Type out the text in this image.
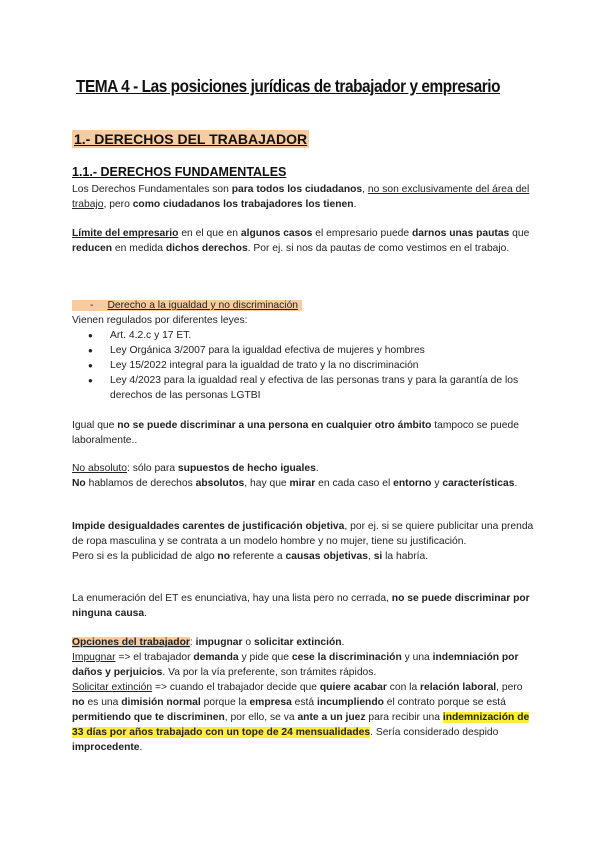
TEMA 4 - Las posiciones jurídicas de trabajador y empresario
1.- DERECHOS DEL TRABAJADOR
1.1.- DERECHOS FUNDAMENTALES
Los Derechos Fundamentales son para todos los ciudadanos, no son exclusivamente del área del trabajo, pero como ciudadanos los trabajadores los tienen.
Límite del empresario en el que en algunos casos el empresario puede darnos unas pautas que reducen en medida dichos derechos. Por ej. si nos da pautas de como vestimos en el trabajo.
- Derecho a la igualdad y no discriminación
Vienen regulados por diferentes leyes:
● Art. 4.2.c y 17 ET.
● Ley Orgánica 3/2007 para la igualdad efectiva de mujeres y hombres
● Ley 15/2022 integral para la igualdad de trato y la no discriminación
● Ley 4/2023 para la igualdad real y efectiva de las personas trans y para la garantía de los derechos de las personas LGTBI
Igual que no se puede discriminar a una persona en cualquier otro ámbito tampoco se puede laboralmente..
No absoluto: sólo para supuestos de hecho iguales.
No hablamos de derechos absolutos, hay que mirar en cada caso el entorno y características.
Impide desigualdades carentes de justificación objetiva, por ej. si se quiere publicitar una prenda de ropa masculina y se contrata a un modelo hombre y no mujer, tiene su justificación.
Pero si es la publicidad de algo no referente a causas objetivas, si la habría.
La enumeración del ET es enunciativa, hay una lista pero no cerrada, no se puede discriminar por ninguna causa.
Opciones del trabajador: impugnar o solicitar extinción.
Impugnar => el trabajador demanda y pide que cese la discriminación y una indemniación por daños y perjuicios. Va por la vía preferente, son trámites rápidos.
Solicitar extinción => cuando el trabajador decide que quiere acabar con la relación laboral, pero no es una dimisión normal porque la empresa está incumpliendo el contrato porque se está permitiendo que te discriminen, por ello, se va ante a un juez para recibir una indemnización de 33 días por años trabajado con un tope de 24 mensualidades. Sería considerado despido improcedente.
